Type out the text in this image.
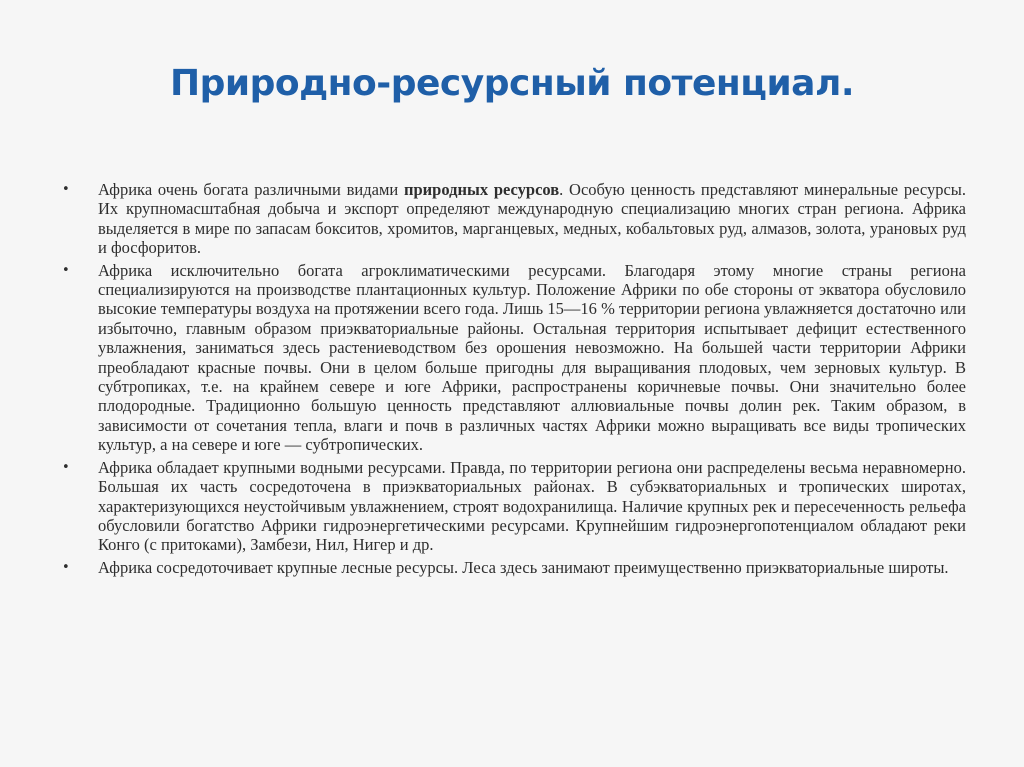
Природно-ресурсный потенциал.
•	Африка очень богата различными видами природных ресурсов. Особую ценность представляют минеральные ресурсы. Их крупномасштабная добыча и экспорт определяют международную специализацию многих стран региона. Африка выделяется в мире по запасам бокситов, хромитов, марганцевых, медных, кобальтовых руд, алмазов, золота, урановых руд и фосфоритов.
•	Африка исключительно богата агроклиматическими ресурсами. Благодаря этому многие страны региона специализируются на производстве плантационных культур. Положение Африки по обе стороны от экватора обусловило высокие температуры воздуха на протяжении всего года. Лишь 15—16 % территории региона увлажняется достаточно или избыточно, главным образом приэкваториальные районы. Остальная территория испытывает дефицит естественного увлажнения, заниматься здесь растениеводством без орошения невозможно. На большей части территории Африки преобладают красные почвы. Они в целом больше пригодны для выращивания плодовых, чем зерновых культур. В субтропиках, т.е. на крайнем севере и юге Африки, распространены коричневые почвы. Они значительно более плодородные. Традиционно большую ценность представляют аллювиальные почвы долин рек. Таким образом, в зависимости от сочетания тепла, влаги и почв в различных частях Африки можно выращивать все виды тропических культур, а на севере и юге — субтропических.
•	Африка обладает крупными водными ресурсами. Правда, по территории региона они распределены весьма неравномерно. Большая их часть сосредоточена в приэкваториальных районах. В субэкваториальных и тропических широтах, характеризующихся неустойчивым увлажнением, строят водохранилища. Наличие крупных рек и пересеченность рельефа обусловили богатство Африки гидроэнергетическими ресурсами. Крупнейшим гидроэнергопотенциалом обладают реки Конго (с притоками), Замбези, Нил, Нигер и др.
•	Африка сосредоточивает крупные лесные ресурсы. Леса здесь занимают преимущественно приэкваториальные широты.
